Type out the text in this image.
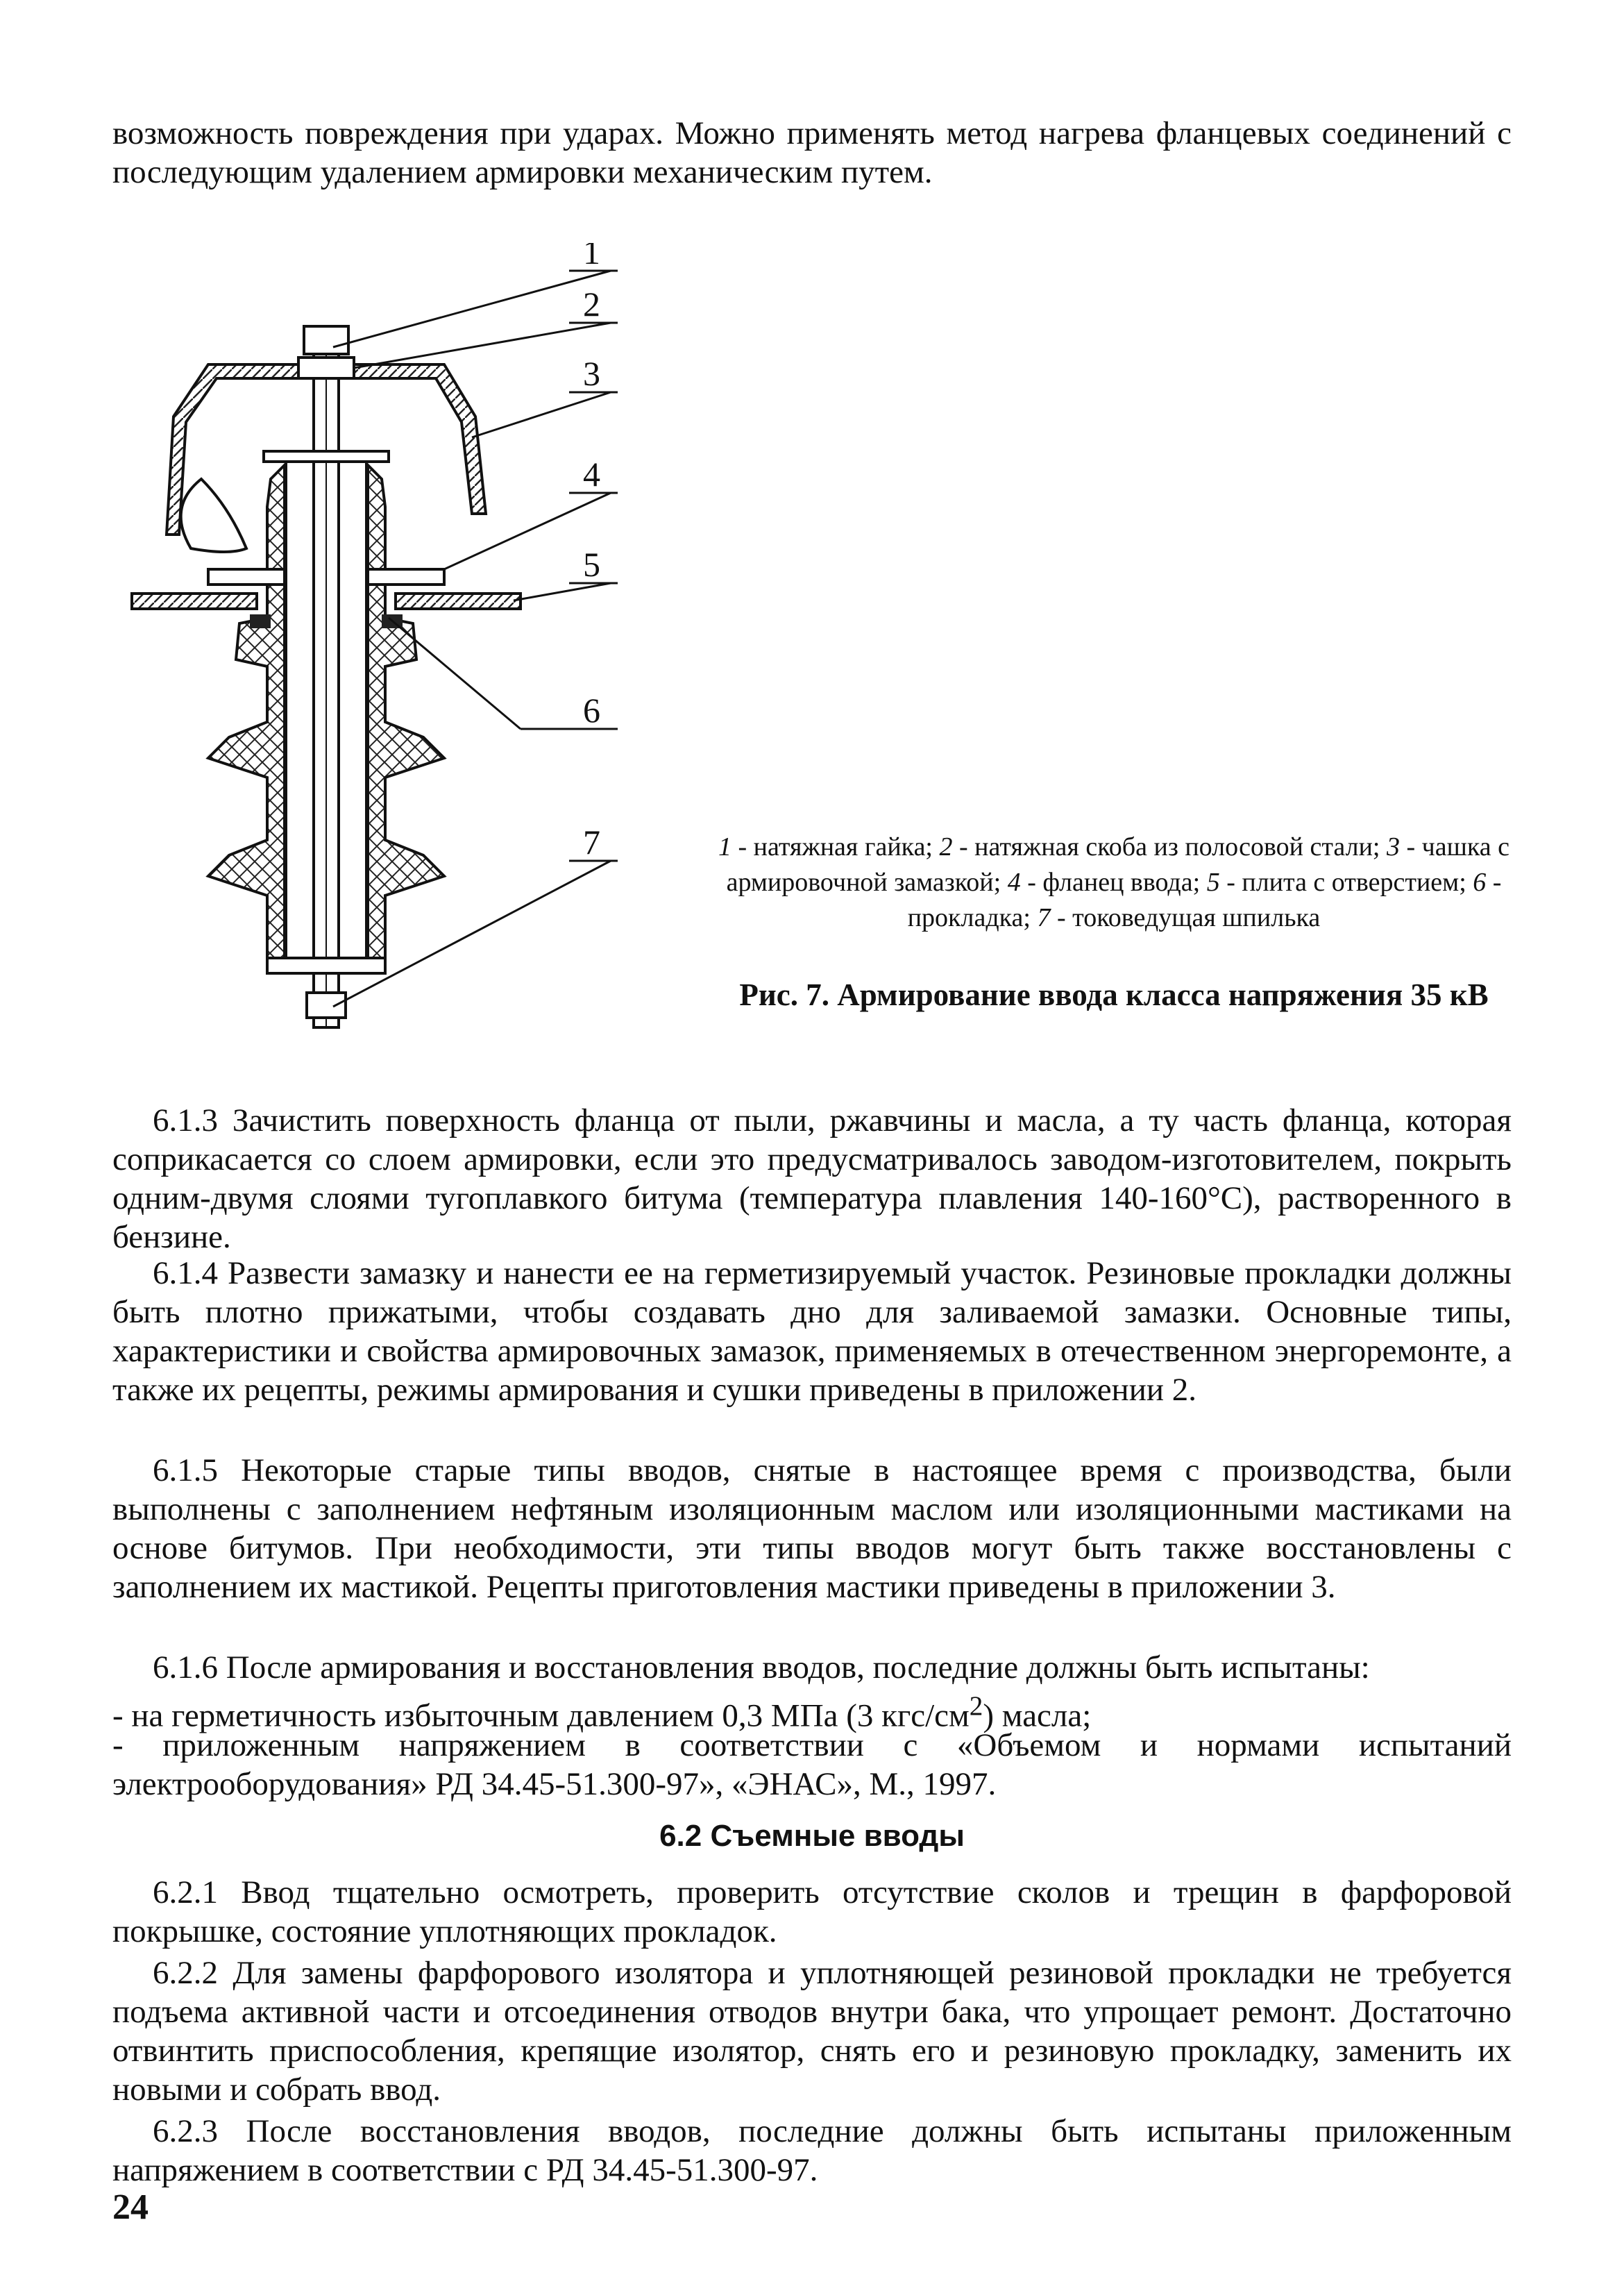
возможность повреждения при ударах. Можно применять метод нагрева фланцевых соединений с последующим удалением армировки механическим путем.

1
2
3
4
5
6
7	1 - натяжная гайка; 2 - натяжная скоба из полосовой стали; 3 - чашка с армировочной замазкой; 4 - фланец ввода; 5 - плита с отверстием; 6 - прокладка; 7 - токоведущая шпилька

Рис. 7. Армирование ввода класса напряжения 35 кВ

6.1.3 Зачистить поверхность фланца от пыли, ржавчины и масла, а ту часть фланца, которая соприкасается со слоем армировки, если это предусматривалось заводом-изготовителем, покрыть одним-двумя слоями тугоплавкого битума (температура плавления 140-160°С), растворенного в бензине.

6.1.4 Развести замазку и нанести ее на герметизируемый участок. Резиновые прокладки должны быть плотно прижатыми, чтобы создавать дно для заливаемой замазки. Основные типы, характеристики и свойства армировочных замазок, применяемых в отечественном энергоремонте, а также их рецепты, режимы армирования и сушки приведены в приложении 2.

6.1.5 Некоторые старые типы вводов, снятые в настоящее время с производства, были выполнены с заполнением нефтяным изоляционным маслом или изоляционными мастиками на основе битумов. При необходимости, эти типы вводов могут быть также восстановлены с заполнением их мастикой. Рецепты приготовления мастики приведены в приложении 3.

6.1.6 После армирования и восстановления вводов, последние должны быть испытаны:

- на герметичность избыточным давлением 0,3 МПа (3 кгс/$см^2$) масла;

- приложенным напряжением в соответствии с «Объемом и нормами испытаний электрооборудования» РД 34.45-51.300-97», «ЭНАС», М., 1997.

6.2 Съемные вводы

6.2.1 Ввод тщательно осмотреть, проверить отсутствие сколов и трещин в фарфоровой покрышке, состояние уплотняющих прокладок.

6.2.2 Для замены фарфорового изолятора и уплотняющей резиновой прокладки не требуется подъема активной части и отсоединения отводов внутри бака, что упрощает ремонт. Достаточно отвинтить приспособления, крепящие изолятор, снять его и резиновую прокладку, заменить их новыми и собрать ввод.

6.2.3 После восстановления вводов, последние должны быть испытаны приложенным напряжением в соответствии с РД 34.45-51.300-97.

24
